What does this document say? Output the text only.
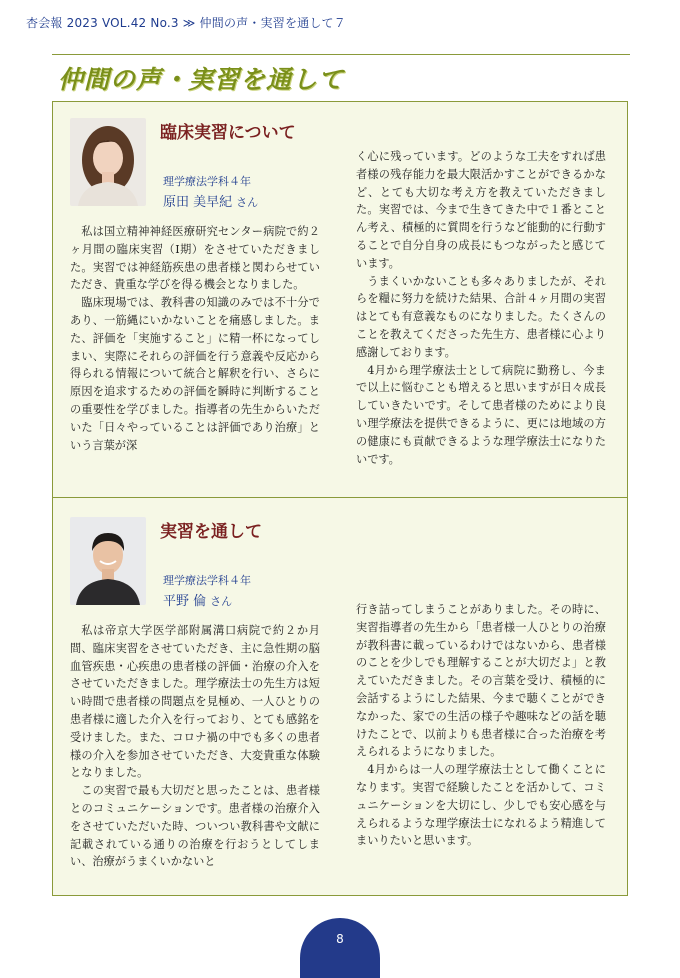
杏会報 2023 VOL.42 No.3 ≫ 仲間の声・実習を通して７
仲間の声・実習を通して
臨床実習について
理学療法学科４年
原田 美早紀 さん

私は国立精神神経医療研究センター病院で約２ヶ月間の臨床実習（Ⅰ期）をさせていただきました。実習では神経筋疾患の患者様と関わらせていただき、貴重な学びを得る機会となりました。

臨床現場では、教科書の知識のみでは不十分であり、一筋縄にいかないことを痛感しました。また、評価を「実施すること」に精一杯になってしまい、実際にそれらの評価を行う意義や反応から得られる情報について統合と解釈を行い、さらに原因を追求するための評価を瞬時に判断することの重要性を学びました。指導者の先生からいただいた「日々やっていることは評価であり治療」という言葉が深

く心に残っています。どのような工夫をすれば患者様の残存能力を最大限活かすことができるかなど、とても大切な考え方を教えていただきました。実習では、今まで生きてきた中で１番とことん考え、積極的に質問を行うなど能動的に行動することで自分自身の成長にもつながったと感じています。

うまくいかないことも多々ありましたが、それらを糧に努力を続けた結果、合計４ヶ月間の実習はとても有意義なものになりました。たくさんのことを教えてくださった先生方、患者様に心より感謝しております。

4月から理学療法士として病院に勤務し、今まで以上に悩むことも増えると思いますが日々成長していきたいです。そして患者様のためにより良い理学療法を提供できるように、更には地域の方の健康にも貢献できるような理学療法士になりたいです。

実習を通して
理学療法学科４年
平野 倫 さん

私は帝京大学医学部附属溝口病院で約２か月間、臨床実習をさせていただき、主に急性期の脳血管疾患・心疾患の患者様の評価・治療の介入をさせていただきました。理学療法士の先生方は短い時間で患者様の問題点を見極め、一人ひとりの患者様に適した介入を行っており、とても感銘を受けました。また、コロナ禍の中でも多くの患者様の介入を参加させていただき、大変貴重な体験となりました。

この実習で最も大切だと思ったことは、患者様とのコミュニケーションです。患者様の治療介入をさせていただいた時、ついつい教科書や文献に記載されている通りの治療を行おうとしてしまい、治療がうまくいかないと

行き詰ってしまうことがありました。その時に、実習指導者の先生から「患者様一人ひとりの治療が教科書に載っているわけではないから、患者様のことを少しでも理解することが大切だよ」と教えていただきました。その言葉を受け、積極的に会話するようにした結果、今まで聴くことができなかった、家での生活の様子や趣味などの話を聴けたことで、以前よりも患者様に合った治療を考えられるようになりました。

4月からは一人の理学療法士として働くことになります。実習で経験したことを活かして、コミュニケーションを大切にし、少しでも安心感を与えられるような理学療法士になれるよう精進してまいりたいと思います。

8
